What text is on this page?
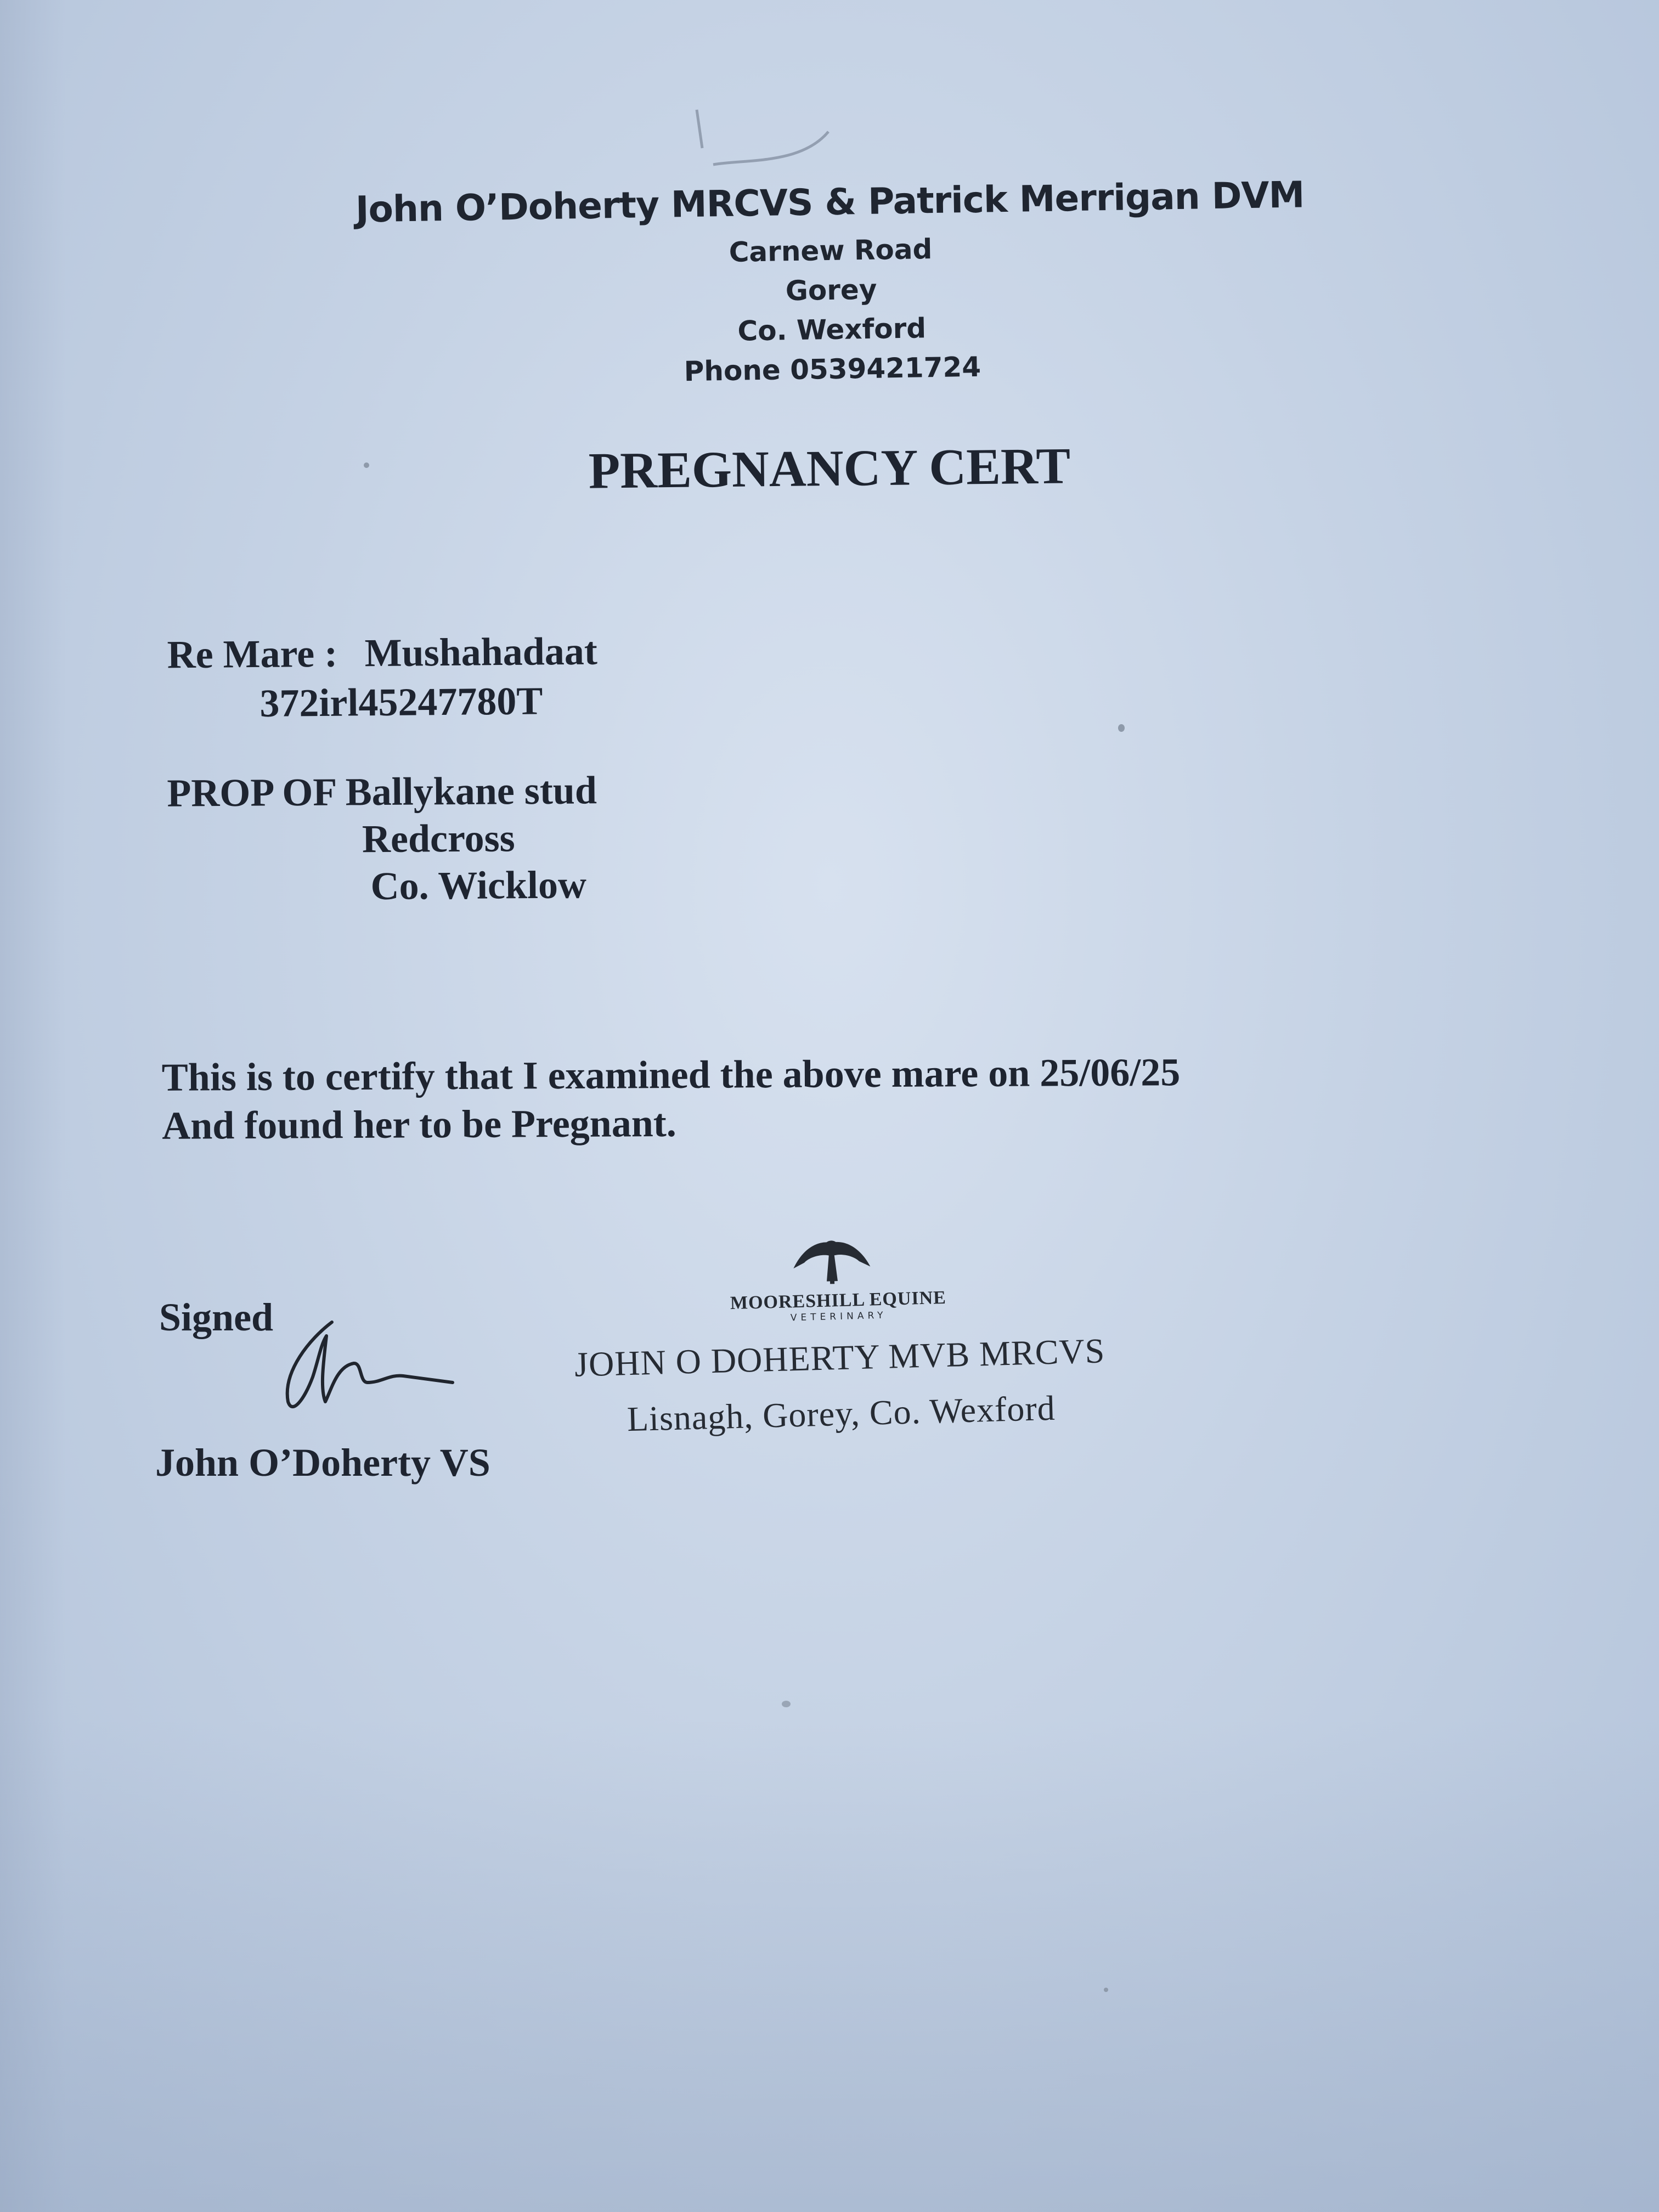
John O’Doherty MRCVS & Patrick Merrigan DVM
Carnew Road
Gorey
Co. Wexford
Phone 0539421724
PREGNANCY CERT
Re Mare : Mushahadaat
372irl45247780T
PROP OF Ballykane stud
Redcross
Co. Wicklow
This is to certify that I examined the above mare on 25/06/25
And found her to be Pregnant.
Signed
John O’Doherty VS
MOORESHILL EQUINE
VETERINARY
JOHN O DOHERTY MVB MRCVS
Lisnagh, Gorey, Co. Wexford
